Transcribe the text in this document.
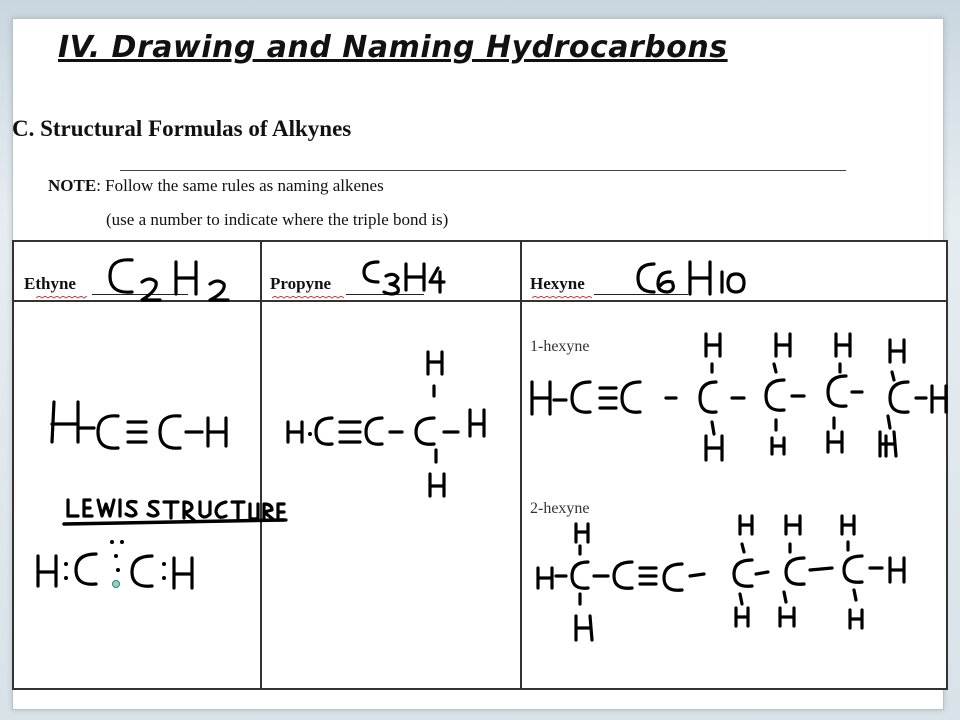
IV. Drawing and Naming Hydrocarbons
C. Structural Formulas of Alkynes
NOTE: Follow the same rules as naming alkenes
(use a number to indicate where the triple bond is)
Ethyne	Propyne	Hexyne
1-hexyne
2-hexyne
